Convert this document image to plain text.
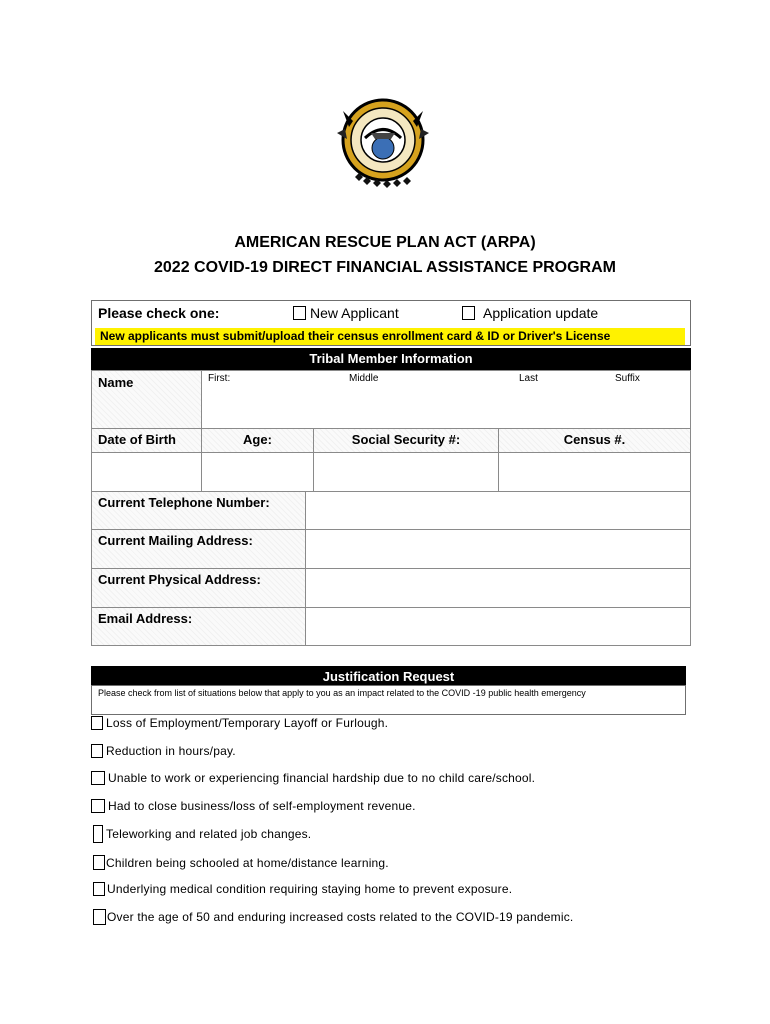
AMERICAN RESCUE PLAN ACT (ARPA)
2022 COVID-19 DIRECT FINANCIAL ASSISTANCE PROGRAM
Please check one:	New Applicant	Application update
New applicants must submit/upload their census enrollment card & ID or Driver's License
Tribal Member Information
Name	First:	Middle	Last	Suffix
Date of Birth	Age:	Social Security #:	Census #.
Current Telephone Number:
Current Mailing Address:
Current Physical Address:
Email Address:
Justification Request
Please check from list of situations below that apply to you as an impact related to the COVID -19 public health emergency
Loss of Employment/Temporary Layoff or Furlough.
Reduction in hours/pay.
Unable to work or experiencing financial hardship due to no child care/school.
Had to close business/loss of self-employment revenue.
Teleworking and related job changes.
Children being schooled at home/distance learning.
Underlying medical condition requiring staying home to prevent exposure.
Over the age of 50 and enduring increased costs related to the COVID-19 pandemic.
